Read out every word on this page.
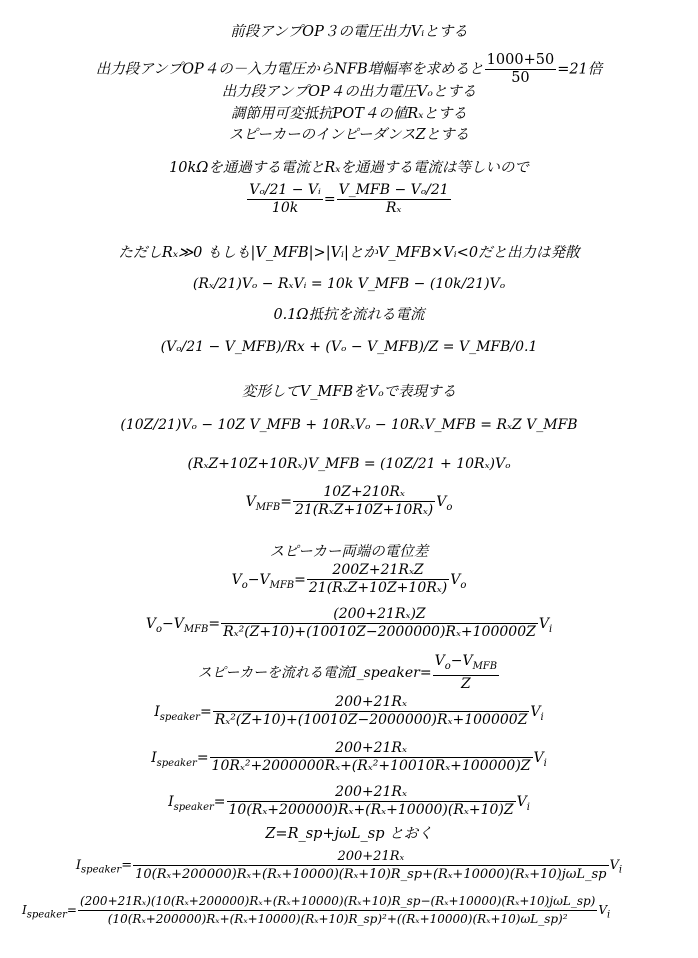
前段アンプOP３の電圧出力Vᵢとする
出力段アンプOP４の－入力電圧からNFB増幅率を求めると $\frac{1000+50}{50} =21$倍
出力段アンプOP４の出力電圧Vₒとする
調節用可変抵抗POT４の値Rₓとする
スピーカーのインピーダンスZとする
10kΩを通過する電流とRₓを通過する電流は等しいので
$\frac{\text{Vₒ/21 − Vᵢ}}{10k} = \frac{\text{V\_MFB − Vₒ/21}}{\text{Rₓ}}$
ただしRₓ≫0 もしも|V_MFB|>|Vᵢ|とかV_MFB×Vᵢ<0だと出力は発散
(Rₓ/21)Vₒ − RₓVᵢ = 10k V_MFB − (10k/21)Vₒ
0.1Ω抵抗を流れる電流
(Vₒ/21 − V_MFB)/Rx + (Vₒ − V_MFB)/Z = V_MFB/0.1
変形してV_MFBをVₒで表現する
(10Z/21)Vₒ − 10Z V_MFB + 10RₓVₒ − 10RₓV_MFB = RₓZ V_MFB
(RₓZ+10Z+10Rₓ)V_MFB = (10Z/21 + 10Rₓ)Vₒ
$V_{MFB}= \frac{\text{10Z+210Rₓ}}{\text{21(RₓZ+10Z+10Rₓ)}} V_o$
スピーカー両端の電位差
$V_o-V_{MFB}= \frac{\text{200Z+21RₓZ}}{\text{21(RₓZ+10Z+10Rₓ)}} V_o$
$V_o-V_{MFB}= \frac{\text{(200+21Rₓ)Z}}{\text{Rₓ²(Z+10)+(10010Z−2000000)Rₓ+100000Z}} V_i$
スピーカーを流れる電流I_speaker= $\frac{V_o-V_{MFB}}{Z}$
$I_{speaker}= \frac{\text{200+21Rₓ}}{\text{Rₓ²(Z+10)+(10010Z−2000000)Rₓ+100000Z}} V_i$
$I_{speaker}= \frac{\text{200+21Rₓ}}{\text{10Rₓ²+2000000Rₓ+(Rₓ²+10010Rₓ+100000)Z}} V_i$
$I_{speaker}= \frac{\text{200+21Rₓ}}{\text{10(Rₓ+200000)Rₓ+(Rₓ+10000)(Rₓ+10)Z}} V_i$
Z=R_sp+jωL_sp とおく
$I_{speaker}=$
200+21Rₓ
10(Rₓ+200000)Rₓ+(Rₓ+10000)(Rₓ+10)R_sp+(Rₓ+10000)(Rₓ+10)jωL_sp
$V_i$
$I_{speaker}=$
(200+21Rₓ)(10(Rₓ+200000)Rₓ+(Rₓ+10000)(Rₓ+10)R_sp−(Rₓ+10000)(Rₓ+10)jωL_sp)
(10(Rₓ+200000)Rₓ+(Rₓ+10000)(Rₓ+10)R_sp)²+((Rₓ+10000)(Rₓ+10)ωL_sp)²
$V_i$
